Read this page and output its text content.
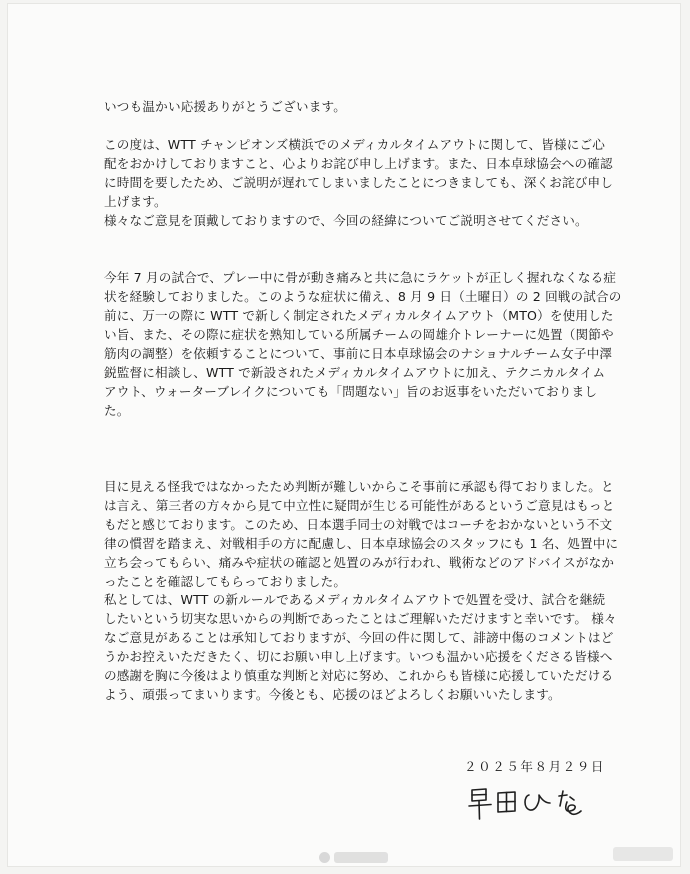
いつも温かい応援ありがとうございます。
この度は、WTT チャンピオンズ横浜でのメディカルタイムアウトに関して、皆様にご心
配をおかけしておりますこと、心よりお詫び申し上げます。また、日本卓球協会への確認
に時間を要したため、ご説明が遅れてしまいましたことにつきましても、深くお詫び申し
上げます。
様々なご意見を頂戴しておりますので、今回の経緯についてご説明させてください。
今年 7 月の試合で、プレー中に骨が動き痛みと共に急にラケットが正しく握れなくなる症
状を経験しておりました。このような症状に備え、8 月 9 日（土曜日）の 2 回戦の試合の
前に、万一の際に WTT で新しく制定されたメディカルタイムアウト（MTO）を使用した
い旨、また、その際に症状を熟知している所属チームの岡雄介トレーナーに処置（関節や
筋肉の調整）を依頼することについて、事前に日本卓球協会のナショナルチーム女子中澤
鋭監督に相談し、WTT で新設されたメディカルタイムアウトに加え、テクニカルタイム
アウト、ウォーターブレイクについても「問題ない」旨のお返事をいただいておりまし
た。
目に見える怪我ではなかったため判断が難しいからこそ事前に承認も得ておりました。と
は言え、第三者の方々から見て中立性に疑問が生じる可能性があるというご意見はもっと
もだと感じております。このため、日本選手同士の対戦ではコーチをおかないという不文
律の慣習を踏まえ、対戦相手の方に配慮し、日本卓球協会のスタッフにも 1 名、処置中に
立ち会ってもらい、痛みや症状の確認と処置のみが行われ、戦術などのアドバイスがなか
ったことを確認してもらっておりました。
私としては、WTT の新ルールであるメディカルタイムアウトで処置を受け、試合を継続
したいという切実な思いからの判断であったことはご理解いただけますと幸いです。 様々
なご意見があることは承知しておりますが、今回の件に関して、誹謗中傷のコメントはど
うかお控えいただきたく、切にお願い申し上げます。いつも温かい応援をくださる皆様へ
の感謝を胸に今後はより慎重な判断と対応に努め、これからも皆様に応援していただける
よう、頑張ってまいります。今後とも、応援のほどよろしくお願いいたします。
２０２５年８月２９日
